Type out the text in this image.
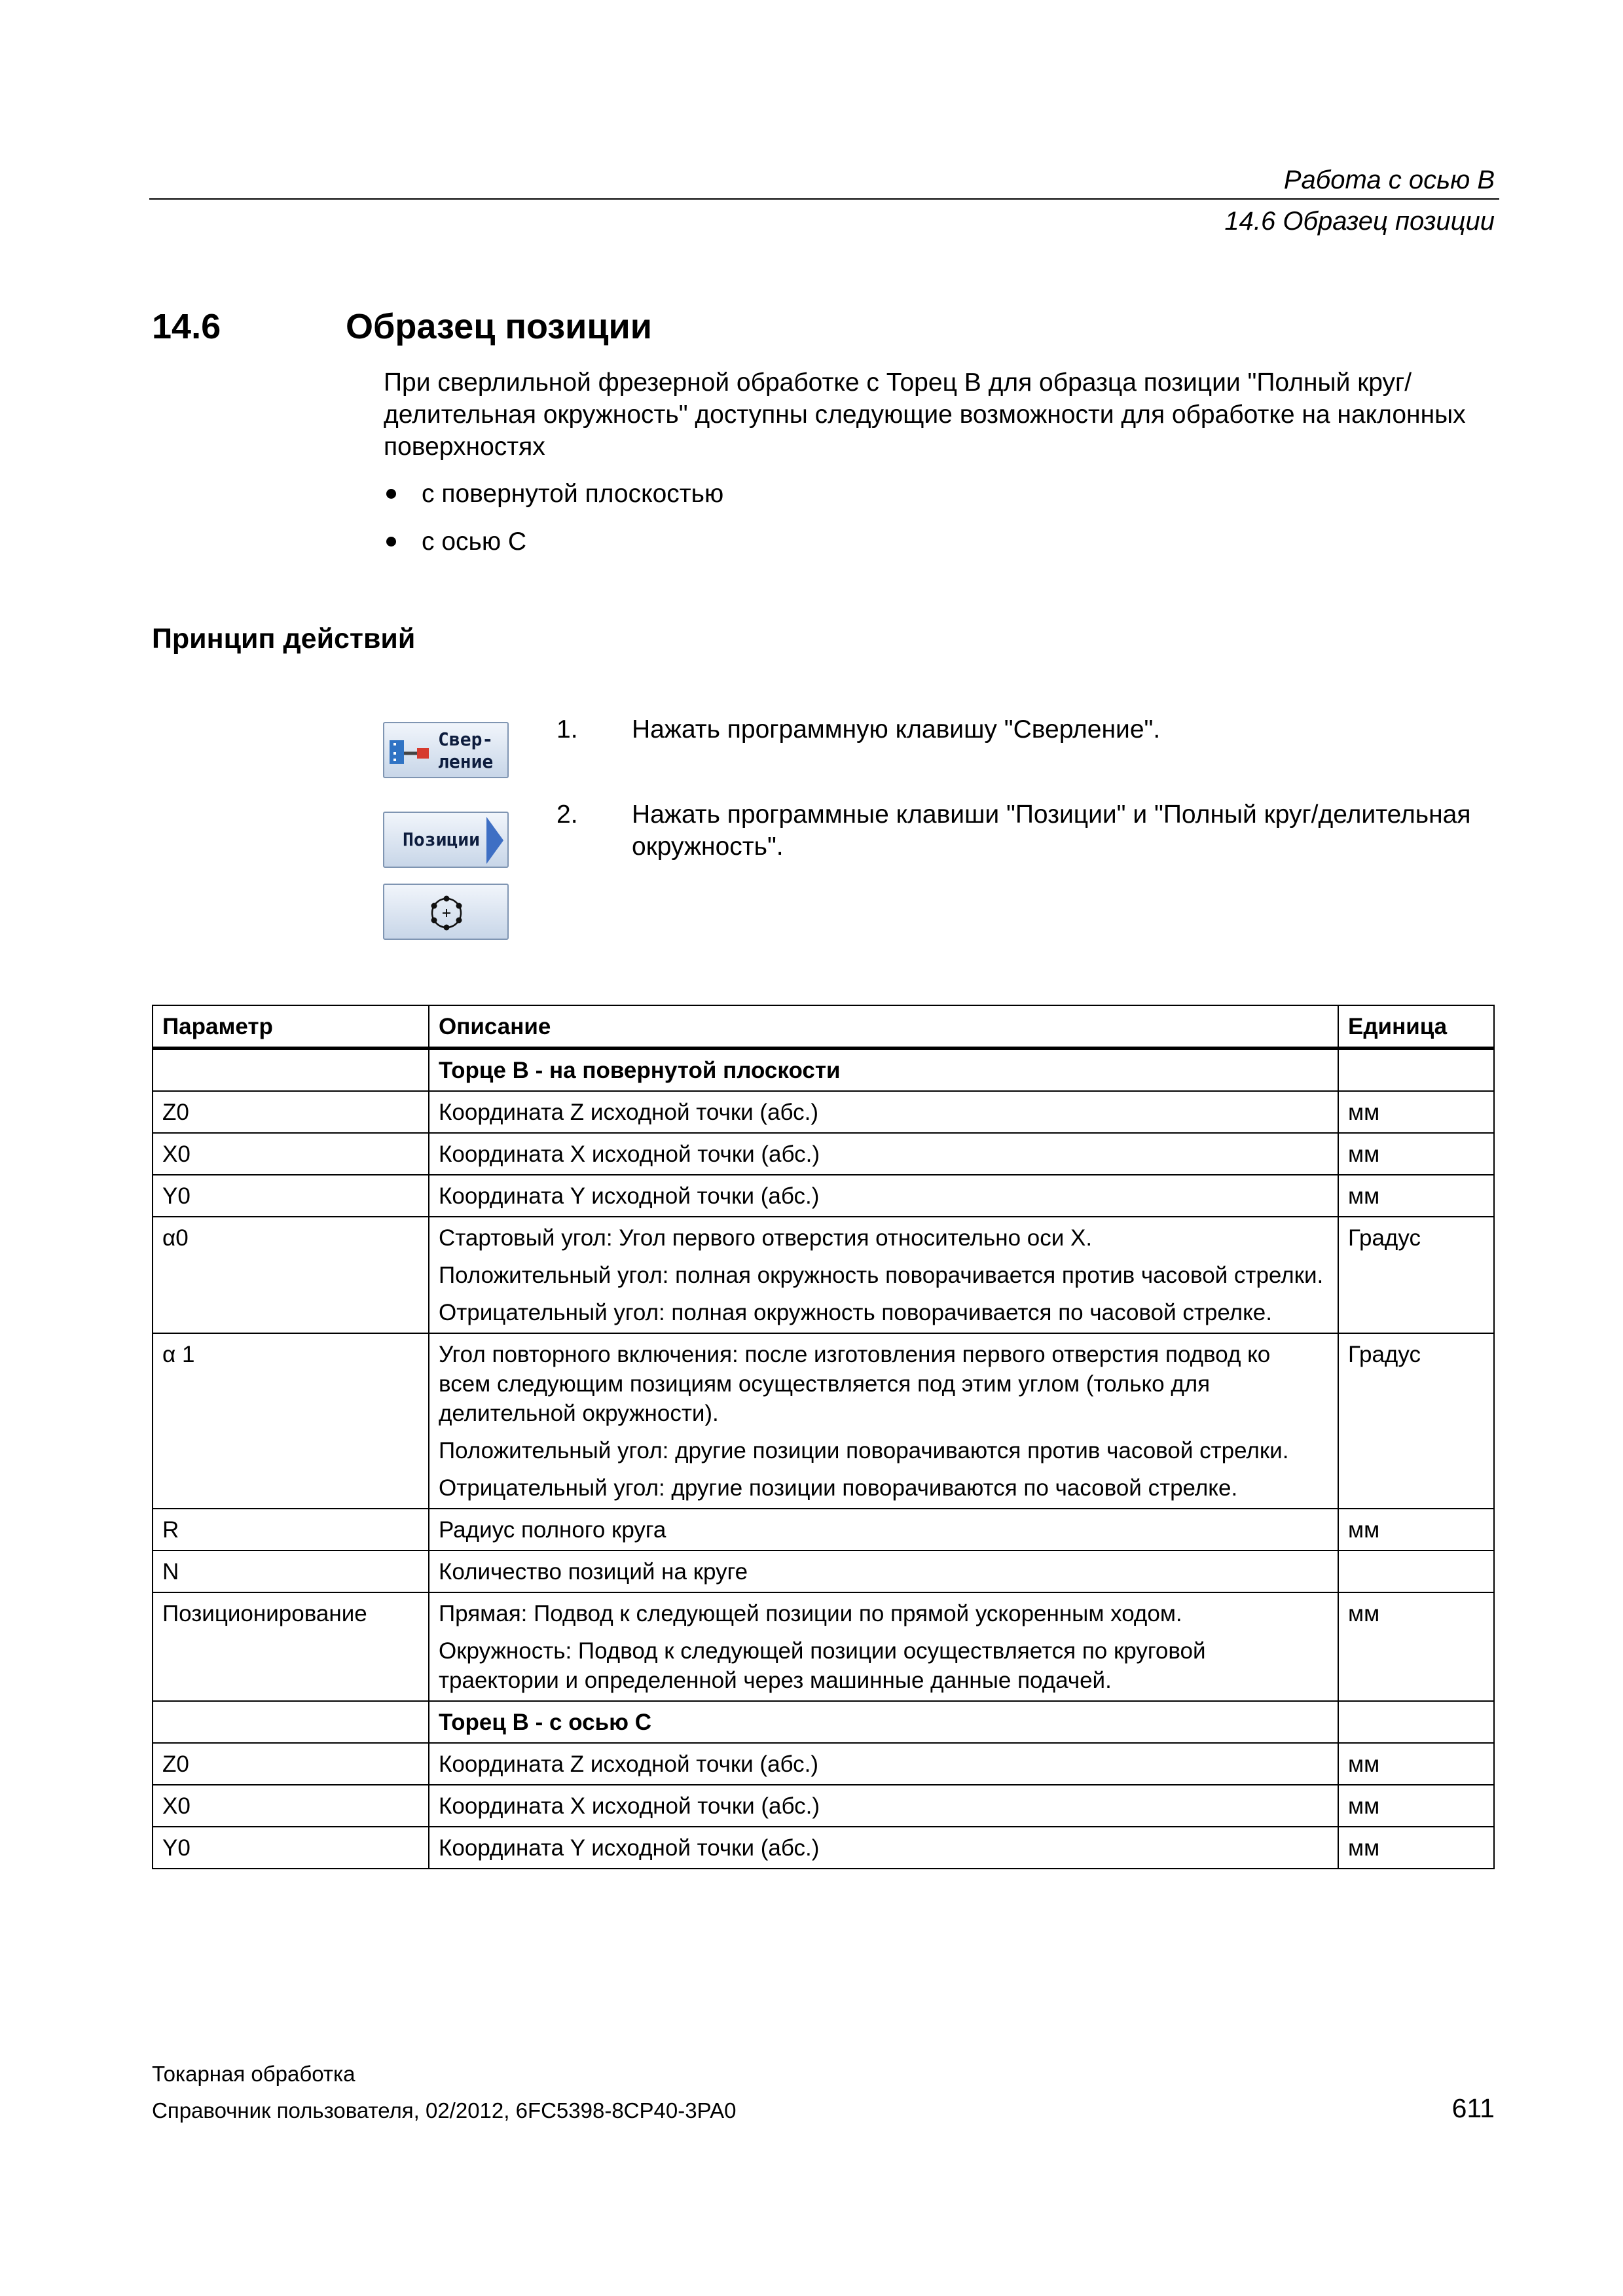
Работа с осью B
14.6 Образец позиции
14.6	Образец позиции
При сверлильной фрезерной обработке с Торец B для образца позиции "Полный круг/делительная окружность" доступны следующие возможности для обработке на наклонных поверхностях
с повернутой плоскостью
с осью C
Принцип действий
Свер-
ление
Позиции
1. Нажать программную клавишу "Сверление".
2. Нажать программные клавиши "Позиции" и "Полный круг/делительная окружность".
Параметр	Описание	Единица

	Торце B - на повернутой плоскости	

Z0	Координата Z исходной точки (абс.)	мм
X0	Координата X исходной точки (абс.)	мм
Y0	Координата Y исходной точки (абс.)	мм
α0	Стартовый угол: Угол первого отверстия относительно оси X.
Положительный угол: полная окружность поворачивается против часовой стрелки.
Отрицательный угол: полная окружность поворачивается по часовой стрелке.	Градус
α 1	Угол повторного включения: после изготовления первого отверстия подвод ко всем следующим позициям осуществляется под этим углом (только для делительной окружности).
Положительный угол: другие позиции поворачиваются против часовой стрелки.
Отрицательный угол: другие позиции поворачиваются по часовой стрелке.	Градус
R	Радиус полного круга	мм
N	Количество позиций на круге	

Позиционирование	Прямая: Подвод к следующей позиции по прямой ускоренным ходом.
Окружность: Подвод к следующей позиции осуществляется по круговой траектории и определенной через машинные данные подачей.	мм

	Торец B - с осью C	

Z0	Координата Z исходной точки (абс.)	мм
X0	Координата X исходной точки (абс.)	мм
Y0	Координата Y исходной точки (абс.)	мм
Токарная обработка
Справочник пользователя, 02/2012, 6FC5398-8CP40-3PA0	611
